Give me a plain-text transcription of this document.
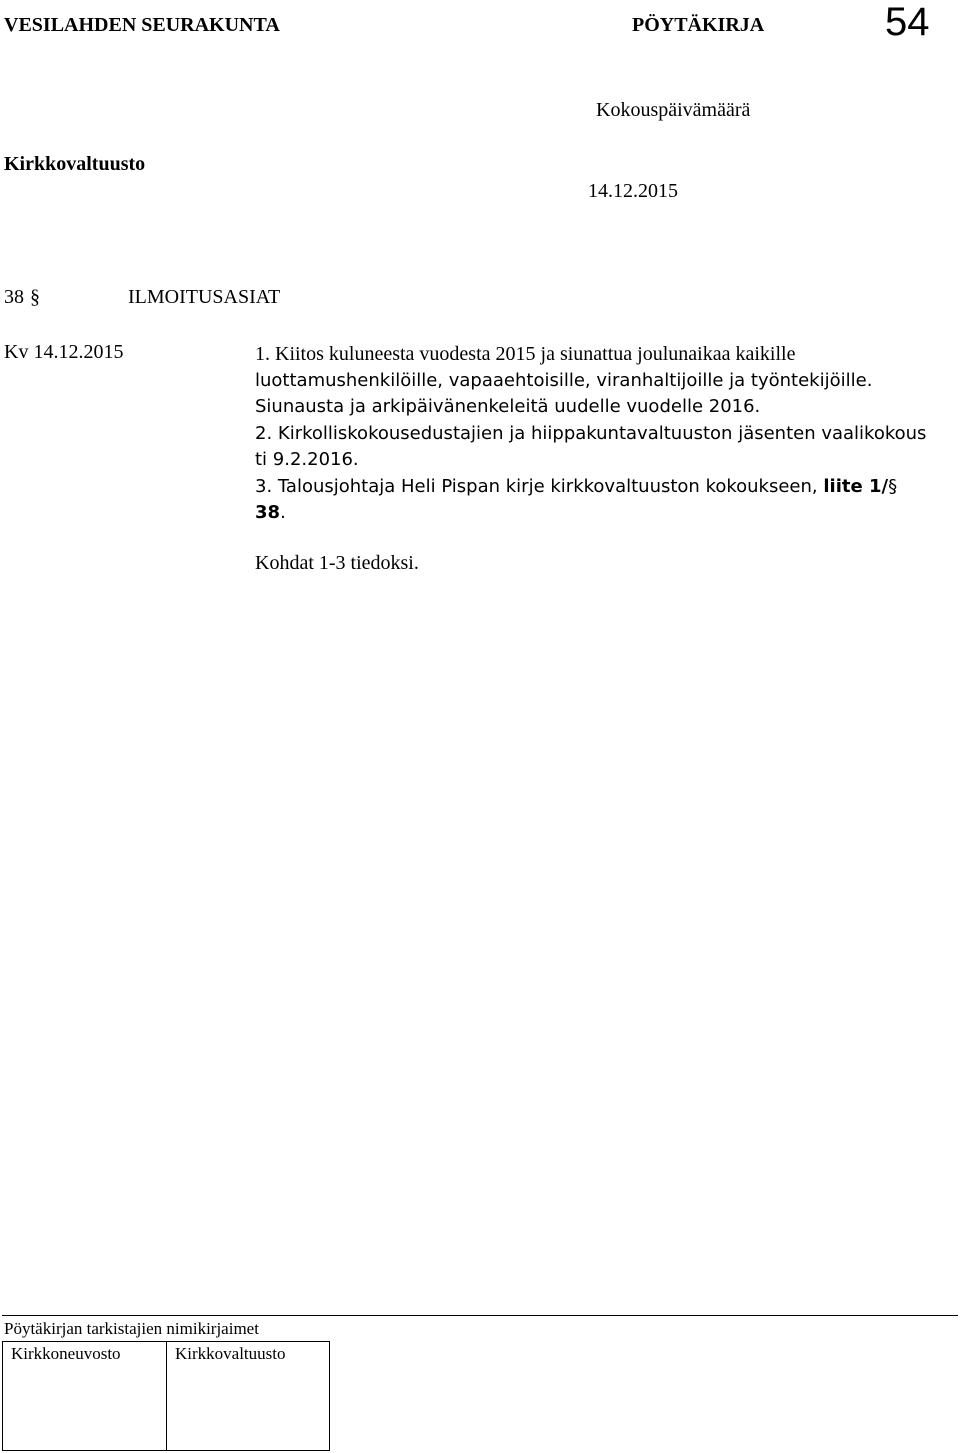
VESILAHDEN SEURAKUNTA	PÖYTÄKIRJA	54
Kokouspäivämäärä
Kirkkovaltuusto
14.12.2015
38 §	ILMOITUSASIAT
Kv 14.12.2015	1. Kiitos kuluneesta vuodesta 2015 ja siunattua joulunaikaa kaikille
luottamushenkilöille, vapaaehtoisille, viranhaltijoille ja työntekijöille.
Siunausta ja arkipäivänenkeleitä uudelle vuodelle 2016.
2. Kirkolliskokousedustajien ja hiippakuntavaltuuston jäsenten vaalikokous
ti 9.2.2016.
3. Talousjohtaja Heli Pispan kirje kirkkovaltuuston kokoukseen, liite 1/§
38.
Kohdat 1-3 tiedoksi.
Pöytäkirjan tarkistajien nimikirjaimet
Kirkkoneuvosto	Kirkkovaltuusto
